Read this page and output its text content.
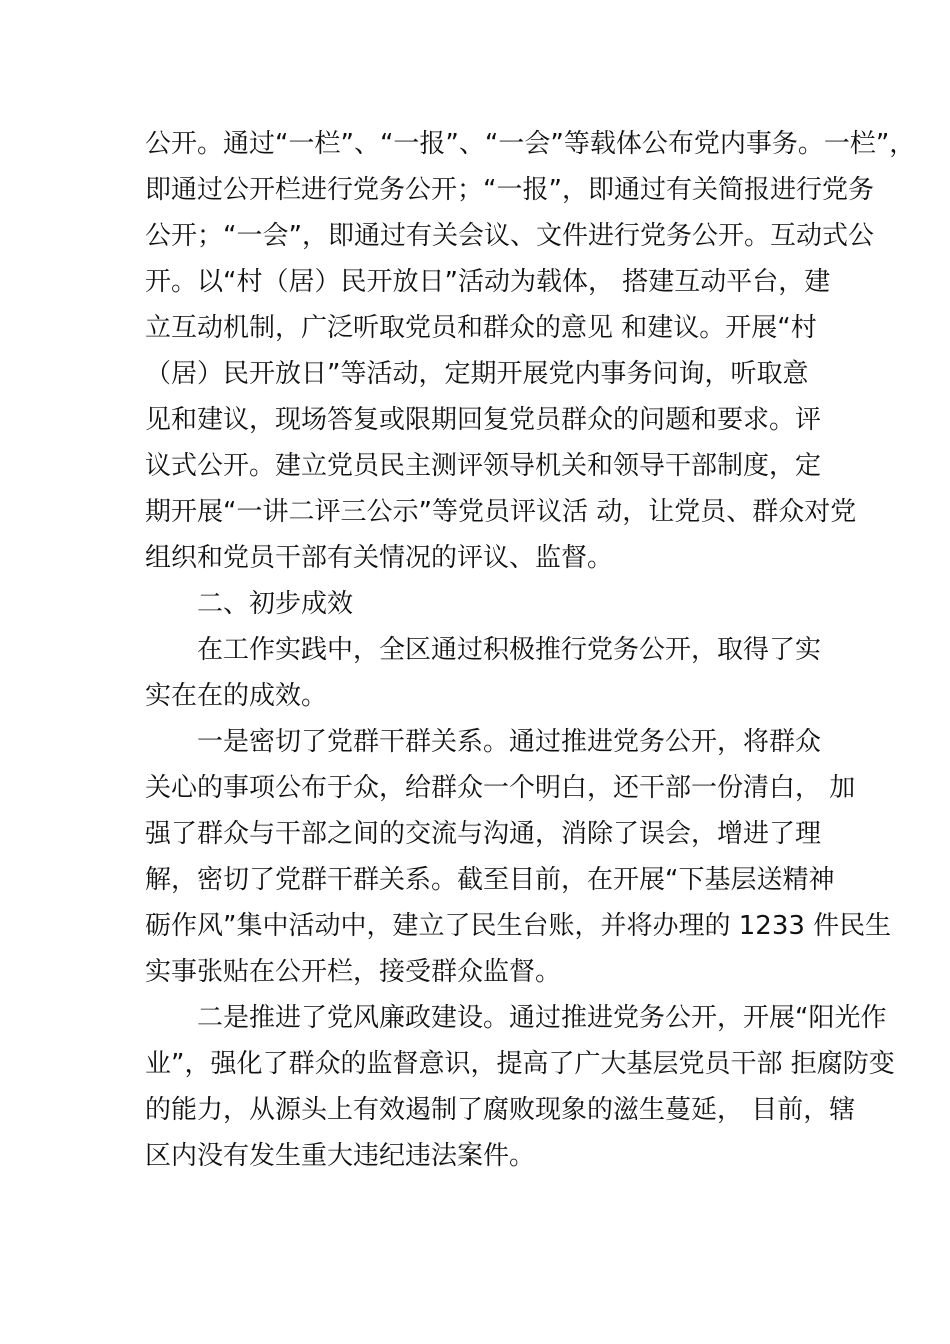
公开。通过“一栏”、“一报”、“一会”等载体公布党内事务。一栏”，
即通过公开栏进行党务公开；“一报”，即通过有关简报进行党务
公开；“一会”，即通过有关会议、文件进行党务公开。互动式公
开。以“村（居）民开放日”活动为载体， 搭建互动平台，建
立互动机制，广泛听取党员和群众的意见 和建议。开展“村
（居）民开放日”等活动，定期开展党内事务问询，听取意
见和建议，现场答复或限期回复党员群众的问题和要求。评
议式公开。建立党员民主测评领导机关和领导干部制度，定
期开展“一讲二评三公示”等党员评议活 动，让党员、群众对党
组织和党员干部有关情况的评议、监督。
二、初步成效
在工作实践中，全区通过积极推行党务公开，取得了实
实在在的成效。
一是密切了党群干群关系。通过推进党务公开，将群众
关心的事项公布于众，给群众一个明白，还干部一份清白， 加
强了群众与干部之间的交流与沟通，消除了误会，增进了理
解，密切了党群干群关系。截至目前，在开展“下基层送精神
砺作风”集中活动中，建立了民生台账，并将办理的 1233 件民生
实事张贴在公开栏，接受群众监督。
二是推进了党风廉政建设。通过推进党务公开，开展“阳光作
业”，强化了群众的监督意识，提高了广大基层党员干部 拒腐防变
的能力，从源头上有效遏制了腐败现象的滋生蔓延， 目前，辖
区内没有发生重大违纪违法案件。
